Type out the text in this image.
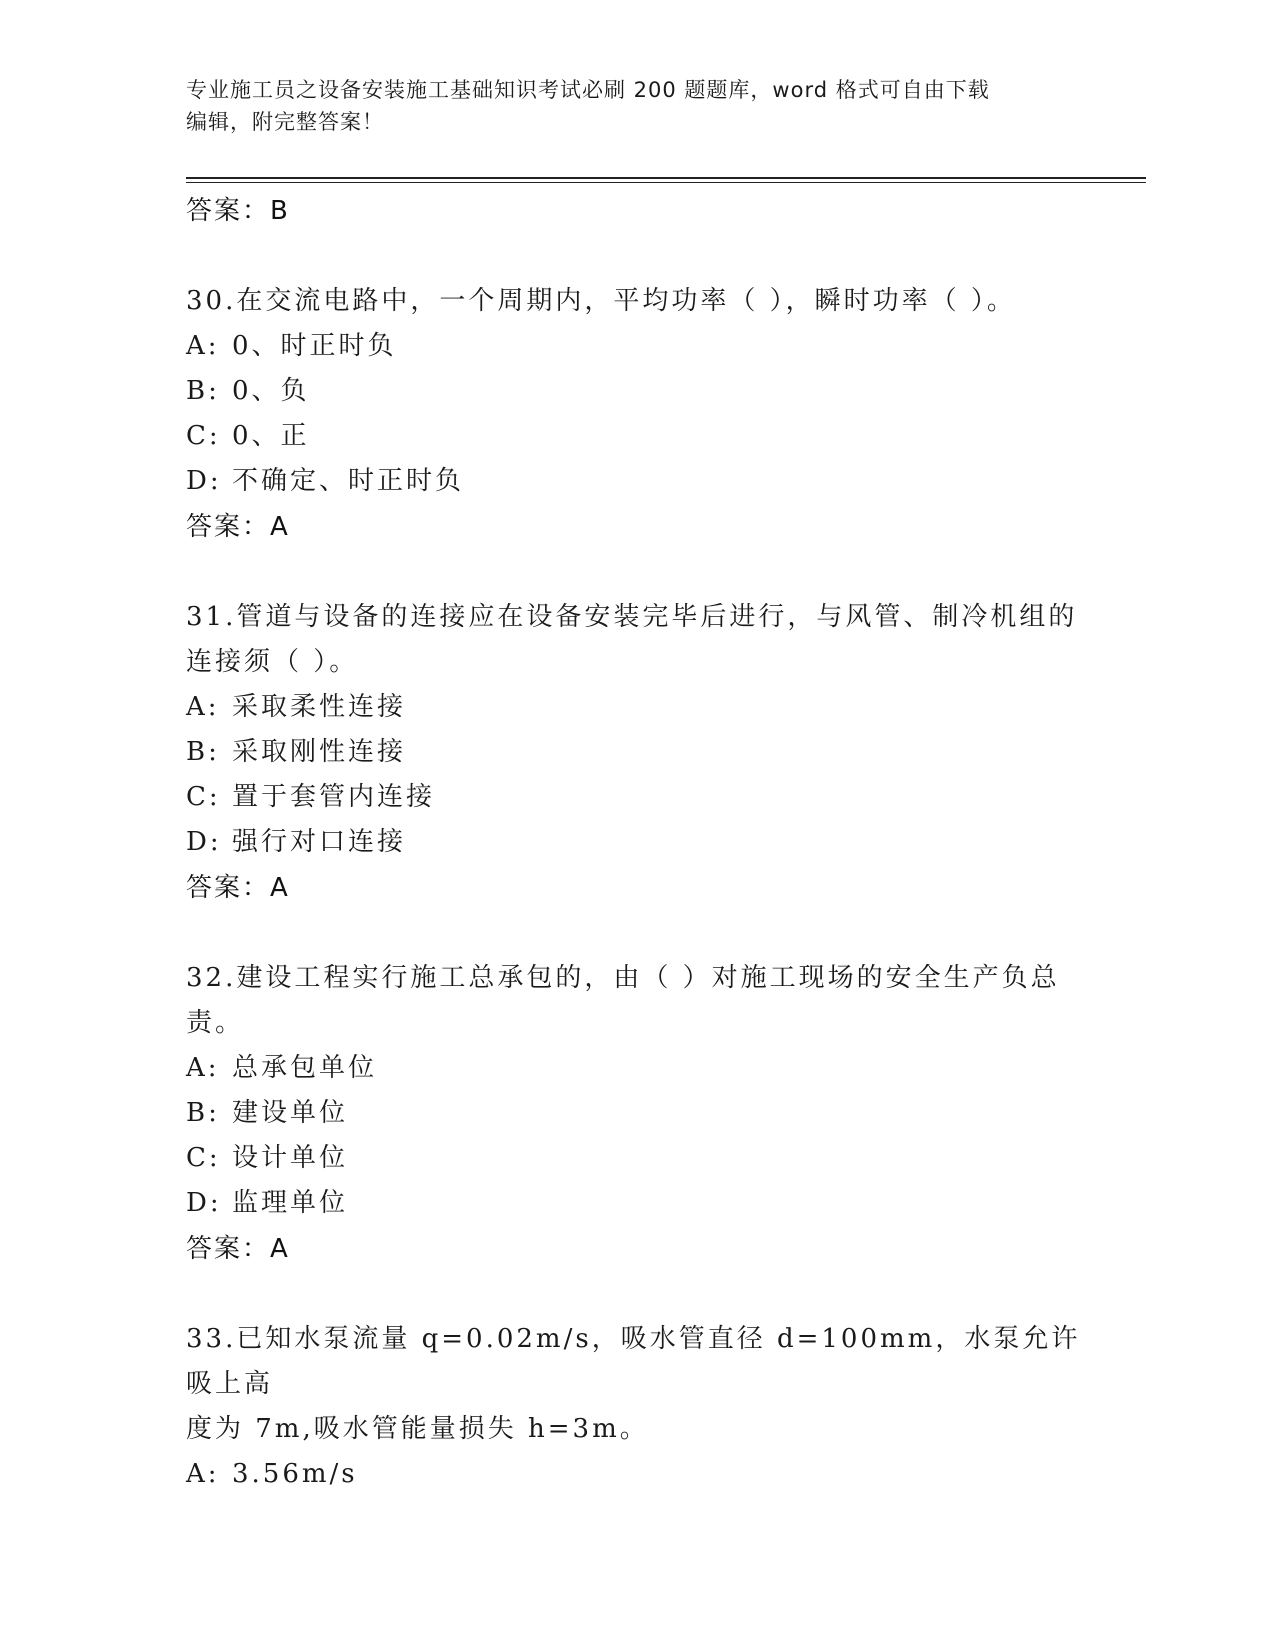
专业施工员之设备安装施工基础知识考试必刷 200 题题库，word 格式可自由下载
编辑，附完整答案！
答案：B
30.在交流电路中，一个周期内，平均功率（ ），瞬时功率（ ）。
A: 0、时正时负
B: 0、负
C: 0、正
D: 不确定、时正时负
答案：A
31.管道与设备的连接应在设备安装完毕后进行，与风管、制冷机组的
连接须（ ）。
A: 采取柔性连接
B: 采取刚性连接
C: 置于套管内连接
D: 强行对口连接
答案：A
32.建设工程实行施工总承包的，由（ ）对施工现场的安全生产负总
责。
A: 总承包单位
B: 建设单位
C: 设计单位
D: 监理单位
答案：A
33.已知水泵流量 q=0.02m/s，吸水管直径 d=100mm，水泵允许吸上高
度为 7m,吸水管能量损失 h=3m。
A: 3.56m/s
